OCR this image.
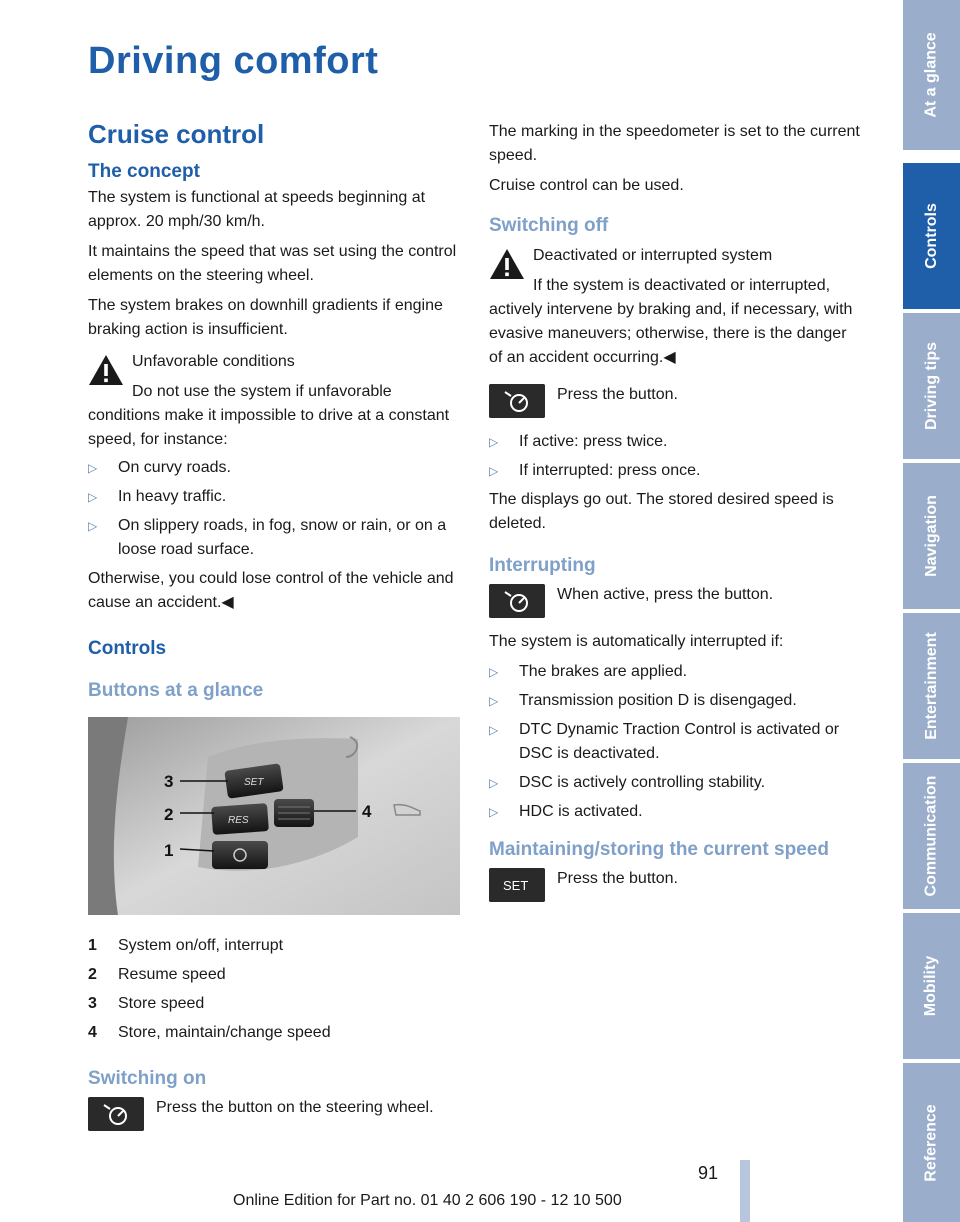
Driving comfort
Cruise control
The concept

The system is functional at speeds beginning at approx. 20 mph/30 km/h.

It maintains the speed that was set using the control elements on the steering wheel.

The system brakes on downhill gradients if engine braking action is insufficient.

Unfavorable conditions
Do not use the system if unfavorable conditions make it impossible to drive at a constant speed, for instance:
▷ On curvy roads.
▷ In heavy traffic.
▷ On slippery roads, in fog, snow or rain, or on a loose road surface.

Otherwise, you could lose control of the vehicle and cause an accident.◀

Controls
Buttons at a glance
SET
RES
3
2
1
4
1 System on/off, interrupt
2 Resume speed
3 Store speed
4 Store, maintain/change speed
Switching on
Press the button on the steering wheel.

The marking in the speedometer is set to the current speed.

Cruise control can be used.

Switching off
Deactivated or interrupted system
If the system is deactivated or interrupted, actively intervene by braking and, if necessary, with evasive maneuvers; otherwise, there is the danger of an accident occurring.◀
Press the button.
▷ If active: press twice.
▷ If interrupted: press once.

The displays go out. The stored desired speed is deleted.

Interrupting
When active, press the button.

The system is automatically interrupted if:

▷ The brakes are applied.
▷ Transmission position D is disengaged.
▷ DTC Dynamic Traction Control is activated or DSC is deactivated.
▷ DSC is actively controlling stability.
▷ HDC is activated.
Maintaining/storing the current speed
SET Press the button.
At a glance
Controls
Driving tips
Navigation
Entertainment
Communication
Mobility
Reference
91
Online Edition for Part no. 01 40 2 606 190 - 12 10 500
